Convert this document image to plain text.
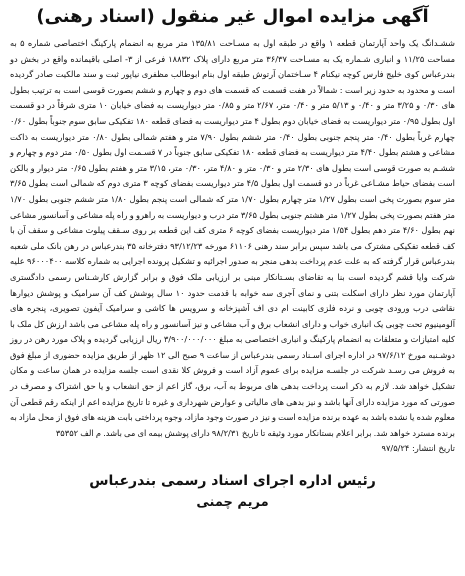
آگهی مزایده اموال غیر منقول (اسناد رهنی)

ششـدانگ یک واحد آپارتمان قطعه ۱ واقع در طبقه اول به مسـاحت ۱۳۵/۸۱ متر مربع به انضمام پارکینگ اختصاصی شماره ۵ به مساحت ۱۱/۲۵ و انباری شـماره یک به مسـاحت ۳۶/۳۷ متر مربع دارای پلاک ۱۸۸۳۲ فرعی از ۳- اصلی باقیمانده واقع در بخش دو بندرعباس کوی خلیج فارس کوچه نیکنام ۴ سـاختمان آرتوش طبقه اول بنام ابوطالب مظفری نیاپور ثبت و سند مالکیت صادر گردیده است و محدود به حدود زیر است : شمالاً در هفت قسمت که قسمت های دوم و چهارم و ششم بصورت قوسی است به ترتیب بطول های ۰/۳۰ و ۳/۲۵ متر و ۰/۴۰ و ۵/۱۳ متر و ۰/۴۰ متر، ۲/۶۷ متر و ۰/۸۵ متر دیواریست به فضای خیابان ۱۰ متری شرقاً در دو قسمت اول بطول ۰/۹۵ متر دیواریست به فضای خیابان دوم بطول ۴ متر دیواریست به فضای قطعه ۱۸۰ تفکیکی سابق سوم جنوباً بطول ۰/۶۰ چهارم غرباً بطول ۰/۴۰ متر پنجم جنوبی بطول ۰/۴۰ متر ششم بطول ۷/۹۰ متر و هفتم شمالی بطول ۰/۸۰ متر دیواریست به ذاکت مشاعی و هشتم بطول ۴/۴۰ متر دیواریست به فضای قطعه ۱۸۰ تفکیکی سابق جنوباً در ۷ قسـمت اول بطول ۰/۵۰ متر دوم و چهارم و ششـم به صورت قوسی است بطول های ۲/۳۰ متر و ۰/۳۰ متر و ۴/۸۰ متر، ۰/۳۰ متر، ۳/۱۵ متر و هفتم بطول ۰/۶۵ متر دیوار و بالکن است بفضای حیاط مشـاعی غرباً در دو قسمت اول بطول ۴/۵ متر دیواریست بفضای کوچه ۳ متری دوم که شمالی است بطول ۳/۶۵ متر سوم بصورت پخی است بطول ۱/۲۷ متر چهارم بطول ۱/۷۰ متر که شمالی است پنجم بطول ۱/۸۰ متر ششم جنوبی بطول ۱/۷۰ متر هفتم بصورت پخی بطول ۱/۲۷ متر هشتم جنوبی بطول ۳/۶۵ متر درب و دیواریست به راهرو و راه پله مشاعی و آسانسور مشاعی نهم بطول ۴/۶۰ متر دهم بطول ۱/۵۴ متر دیواریست بفضای کوچه ۶ متری کف این قطعه بر روی سـقف پیلوت مشاعی و سقف آن با کف قطعه تفکیکی مشترک می باشد سپس برابر سند رهنی ۶۱۱۰۶ مورخه ۹۳/۱۲/۲۳ دفترخانه ۳۵ بندرعباس در رهن بانک ملی شعبه بندرعباس قرار گرفته که به علت عدم پرداخت بدهی منجر به صدور اجرائیه و تشکیل پرونده اجرایی به شماره کلاسه ۹۶۰۰۰۴۰۰ علیه شرکت وایا قشم گردیده است بنا به تقاضای بسـتانکار مبنی بر ارزیابی ملک فوق و برابر گزارش کارشـناس رسمی دادگستری آپارتمان مورد نظر دارای اسکلت بتنی و نمای آجری سه خوابه با قدمت حدود ۱۰ سال پوشش کف آن سرامیک و پوشش دیوارها نقاشی درب ورودی چوبی و نرده فلزی کابینت ام دی اف آشپزخانه و سرویس ها کاشی و سرامیک آیفون تصویری، پنجره های آلومینیوم تحت چوبی یک انباری خواب و دارای انشعاب برق و آب مشاعی و نیز آسانسور و راه پله مشاعی می باشد ارزش کل ملک با کلیه امتیازات و متعلقات به انضمام پارکینگ و انباری اختصاصی به مبلغ ۳/۹۰۰/۰۰۰/۰۰۰ ریال ارزیابی گردیده و پلاک مورد رهن در روز دوشـنبه مورخ ۹۷/۶/۱۲ در اداره اجرای اسـناد رسمی بندرعباس از ساعت ۹ صبح الی ۱۲ ظهر از طریق مزایده حضوری از مبلغ فوق به فروش می رسـد شرکت در جلسـه مزایده برای عموم آزاد است و فروش کلا نقدی است جلسه مزایده در همان ساعت و مکان تشکیل خواهد شد. لازم به ذکر است پرداخت بدهی های مربوط به آب، برق، گاز اعم از حق انشعاب و یا حق اشتراک و مصرف در صورتی که مورد مزایده دارای آنها باشد و نیز بدهی های مالیاتی و عوارض شهرداری و غیره تا تاریخ مزایده اعم از اینکه رقم قطعی آن معلوم شده یا نشده باشد به عهده برنده مزایده است و نیز در صورت وجود مازاد، وجوه پرداختی بابت هزینه های فوق از محل مازاد به برنده مسترد خواهد شد. برابر اعلام بستانکار مورد وثیقه تا تاریخ ۹۸/۲/۳۱ دارای پوشش بیمه ای می باشد. م الف ۳۵۳۵۲

تاریخ انتشار: ۹۷/۵/۲۴

رئیس اداره اجرای اسناد رسمی بندرعباس

مریم چمنی
